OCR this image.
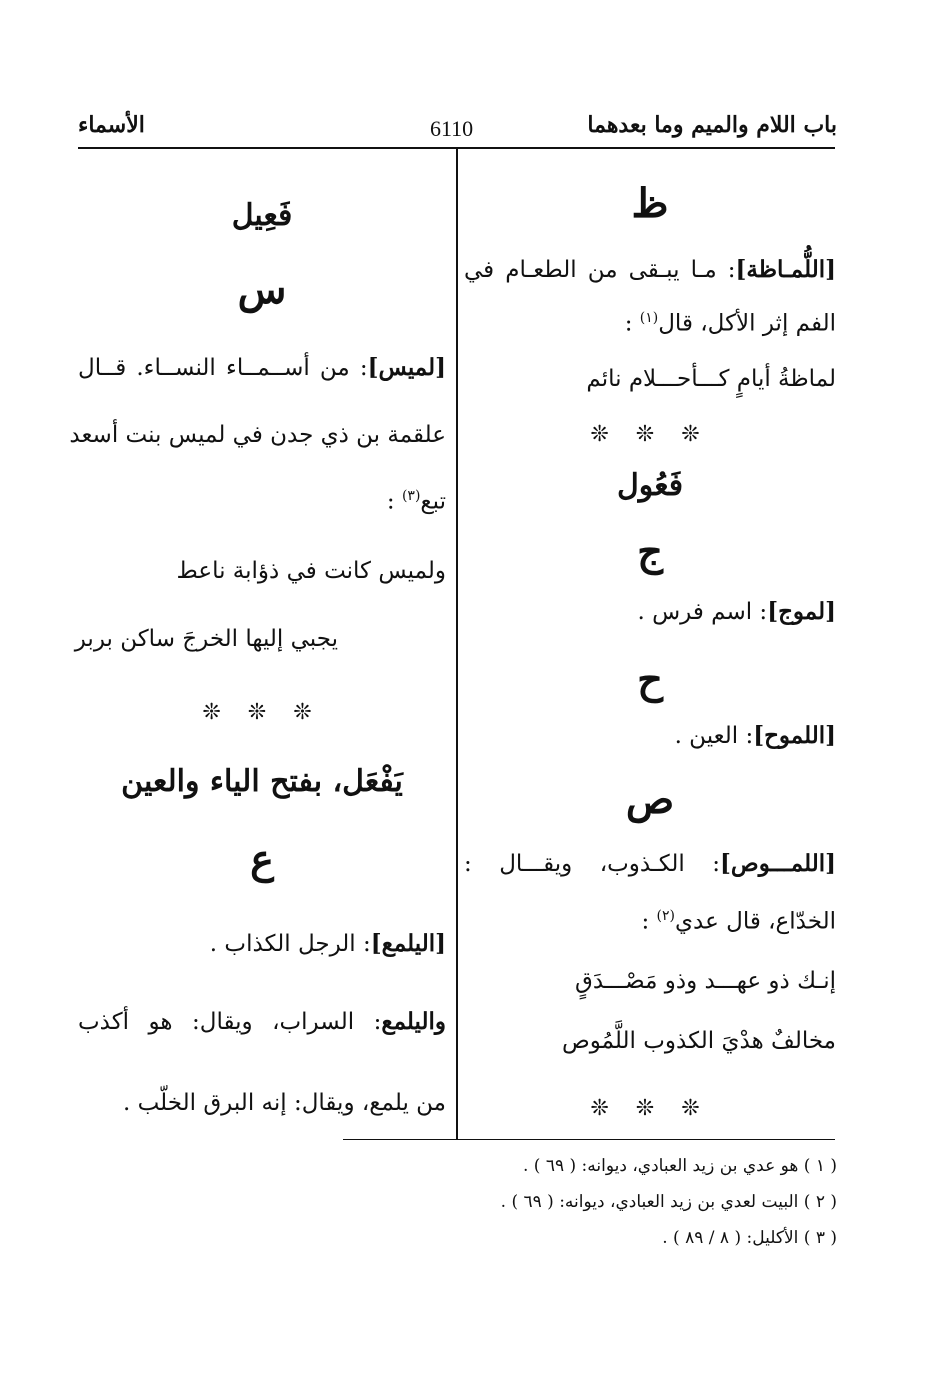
باب اللام والميم وما بعدهما
6110
الأسماء
ظ
[اللُّمـاظة]: مـا يبـقى من الطعـام في
الفم إثر الأكل، قال$^{(١)}$ :
لماظةُ أيامٍ كـــأحـــلام نائم
❊ ❊ ❊
فَعُول
ج
[لموج]: اسم فرس .
ح
[اللموح]: العين .
ص
[اللمـــوص]: الكـذوب، ويقـــال :
الخدّاع، قال عدي$^{(٢)}$ :
إنـك ذو عهـــد وذو مَصْـــدَقٍ
مخالفٌ هدْيَ الكذوب اللَّمُوص
❊ ❊ ❊
فَعِيل
س
[لميس]: من أســمــاء النســاء. قــال
علقمة بن ذي جدن في لميس بنت أسعد
تبع$^{(٣)}$ :
ولميس كانت في ذؤابة ناعط
يجبي إليها الخرجَ ساكن بربر
❊ ❊ ❊
يَفْعَل، بفتح الياء والعين
ع
[اليلمع]: الرجل الكذاب .
واليلمع: السراب، ويقال: هو أكذب
من يلمع، ويقال: إنه البرق الخلّب .
( ١ ) هو عدي بن زيد العبادي، ديوانه: ( ٦٩ ) .
( ٢ ) البيت لعدي بن زيد العبادي، ديوانه: ( ٦٩ ) .
( ٣ ) الأكليل: ( ٨ / ٨٩ ) .
